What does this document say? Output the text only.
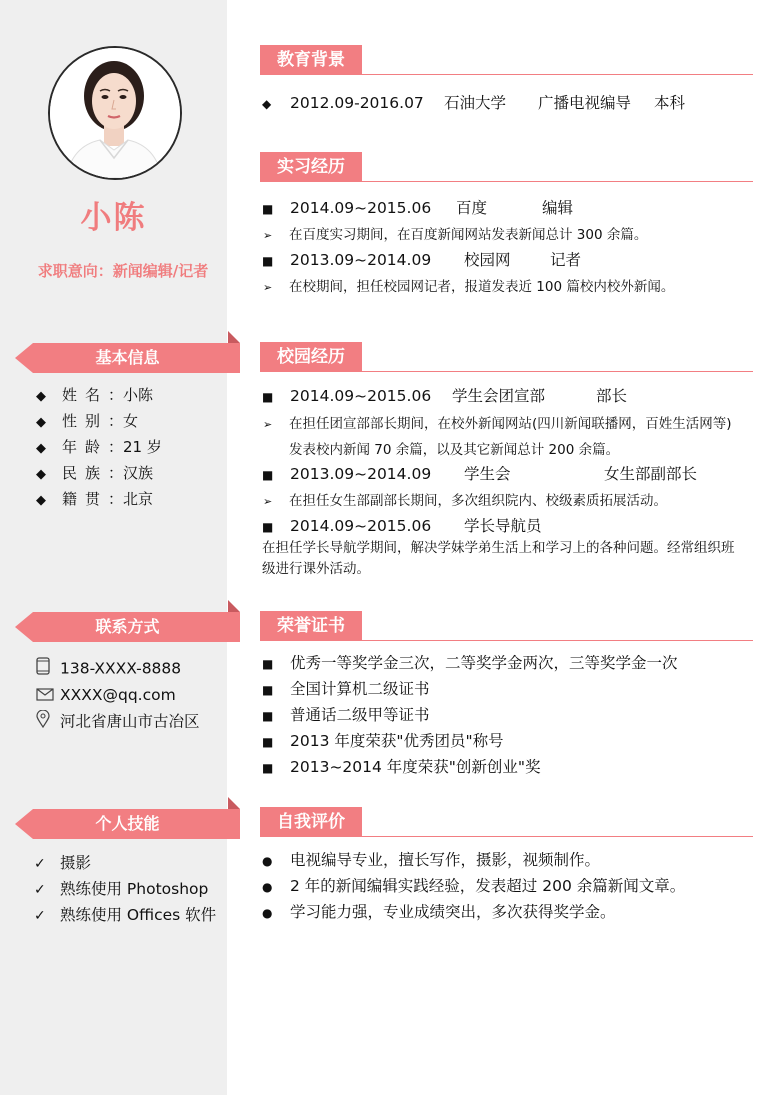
小陈
求职意向：新闻编辑/记者
基本信息
◆ 姓名：小陈
◆ 性别：女
◆ 年龄：21 岁
◆ 民族：汉族
◆ 籍贯：北京
联系方式
138-XXXX-8888
XXXX@qq.com
河北省唐山市古冶区
个人技能
✓ 摄影
✓ 熟练使用 Photoshop
✓ 熟练使用 Offices 软件
教育背景
◆	2012.09-2016.07 石油大学 广播电视编导 本科
实习经历
■	2014.09~2015.06 百度	编辑
➢ 在百度实习期间，在百度新闻网站发表新闻总计 300 余篇。
■	2013.09~2014.09 校园网	记者
➢ 在校期间，担任校园网记者，报道发表近 100 篇校内校外新闻。
校园经历
■	2014.09~2015.06 学生会团宣部	部长
➢ 在担任团宣部部长期间，在校外新闻网站(四川新闻联播网，百姓生活网等)
发表校内新闻 70 余篇，以及其它新闻总计 200 余篇。
■	2013.09~2014.09 学生会	女生部副部长
➢ 在担任女生部副部长期间，多次组织院内、校级素质拓展活动。
■	2014.09~2015.06 学长导航员
在担任学长导航学期间，解决学妹学弟生活上和学习上的各种问题。经常组织班
级进行课外活动。
荣誉证书
■ 优秀一等奖学金三次，二等奖学金两次，三等奖学金一次
■ 全国计算机二级证书
■ 普通话二级甲等证书
■ 2013 年度荣获"优秀团员"称号
■ 2013~2014 年度荣获"创新创业"奖
自我评价
● 电视编导专业，擅长写作，摄影，视频制作。
● 2 年的新闻编辑实践经验，发表超过 200 余篇新闻文章。
● 学习能力强，专业成绩突出，多次获得奖学金。
